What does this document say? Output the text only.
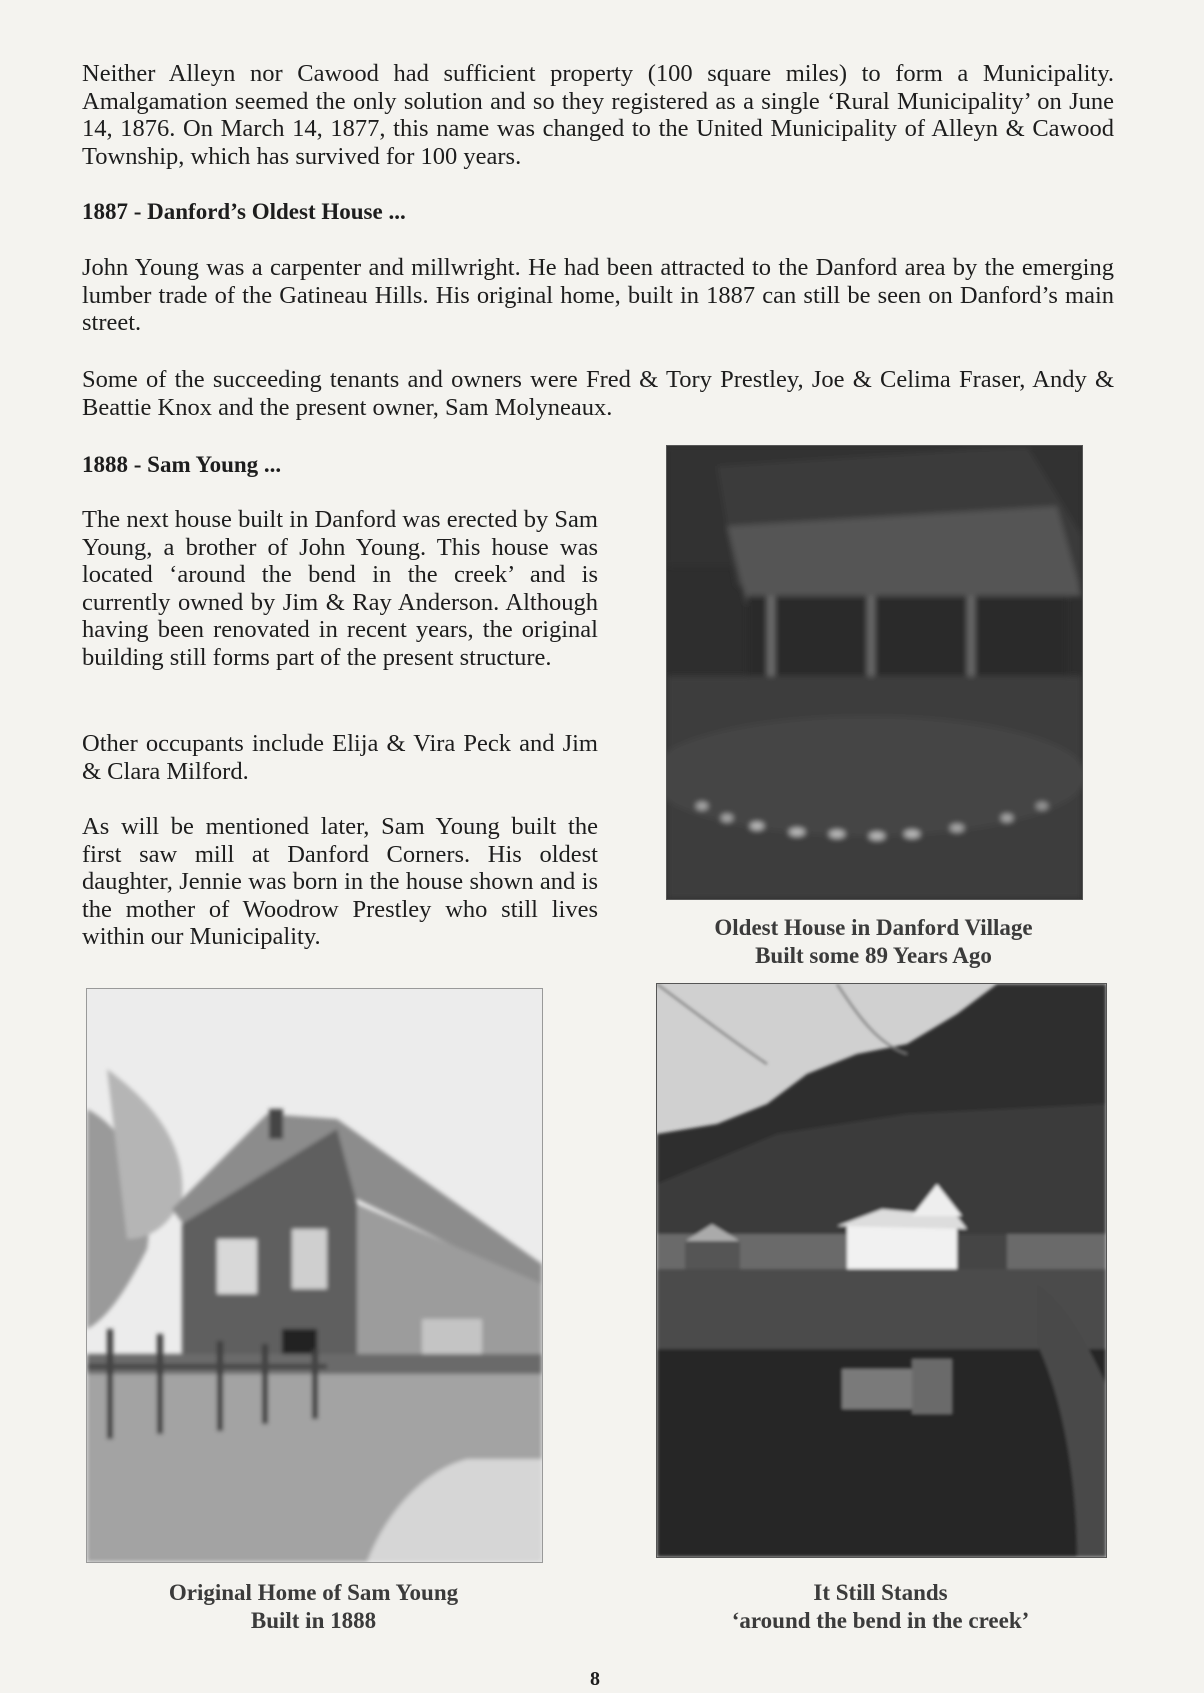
Neither Alleyn nor Cawood had sufficient property (100 square miles) to form a Municipality. Amalgamation seemed the only solution and so they registered as a single ‘Rural Municipality’ on June 14, 1876. On March 14, 1877, this name was changed to the United Municipality of Alleyn & Cawood Township, which has survived for 100 years.

1887 - Danford’s Oldest House ...

John Young was a carpenter and millwright. He had been attracted to the Danford area by the emerging lumber trade of the Gatineau Hills. His original home, built in 1887 can still be seen on Danford’s main street.

Some of the succeeding tenants and owners were Fred & Tory Prestley, Joe & Celima Fraser, Andy & Beattie Knox and the present owner, Sam Molyneaux.

1888 - Sam Young ...

The next house built in Danford was erected by Sam Young, a brother of John Young. This house was located ‘around the bend in the creek’ and is currently owned by Jim & Ray Anderson. Although having been renovated in recent years, the original building still forms part of the present structure.

Other occupants include Elija & Vira Peck and Jim & Clara Milford.

As will be mentioned later, Sam Young built the first saw mill at Danford Corners. His oldest daughter, Jennie was born in the house shown and is the mother of Woodrow Prestley who still lives within our Municipality.	Oldest House in Danford Village
Built some 89 Years Ago
Original Home of Sam Young
Built in 1888
It Still Stands
‘around the bend in the creek’
8
